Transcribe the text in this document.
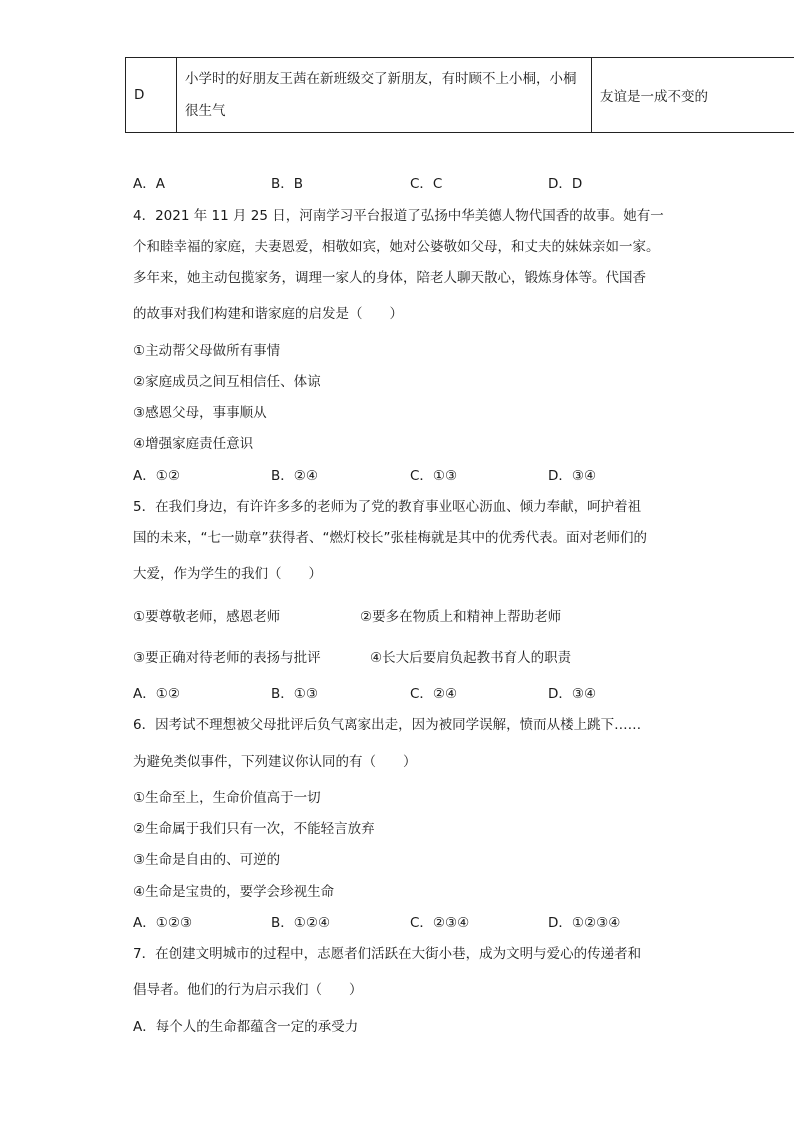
D	小学时的好朋友王茜在新班级交了新朋友，有时顾不上小桐，小桐很生气	友谊是一成不变的
A．A	B．B	C．C	D．D
4．2021 年 11 月 25 日，河南学习平台报道了弘扬中华美德人物代国香的故事。她有一
个和睦幸福的家庭，夫妻恩爱，相敬如宾，她对公婆敬如父母，和丈夫的妹妹亲如一家。
多年来，她主动包揽家务，调理一家人的身体，陪老人聊天散心，锻炼身体等。代国香
的故事对我们构建和谐家庭的启发是（　　）
①主动帮父母做所有事情
②家庭成员之间互相信任、体谅
③感恩父母，事事顺从
④增强家庭责任意识
A．①②	B．②④	C．①③	D．③④
5．在我们身边，有许许多多的老师为了党的教育事业呕心沥血、倾力奉献，呵护着祖
国的未来，“七一勋章”获得者、“燃灯校长”张桂梅就是其中的优秀代表。面对老师们的
大爱，作为学生的我们（　　）
①要尊敬老师，感恩老师	②要多在物质上和精神上帮助老师
③要正确对待老师的表扬与批评	④长大后要肩负起教书育人的职责
A．①②	B．①③	C．②④	D．③④
6．因考试不理想被父母批评后负气离家出走，因为被同学误解，愤而从楼上跳下……
为避免类似事件，下列建议你认同的有（　　）
①生命至上，生命价值高于一切
②生命属于我们只有一次，不能轻言放弃
③生命是自由的、可逆的
④生命是宝贵的，要学会珍视生命
A．①②③	B．①②④	C．②③④	D．①②③④
7．在创建文明城市的过程中，志愿者们活跃在大街小巷，成为文明与爱心的传递者和
倡导者。他们的行为启示我们（　　）
A．每个人的生命都蕴含一定的承受力
